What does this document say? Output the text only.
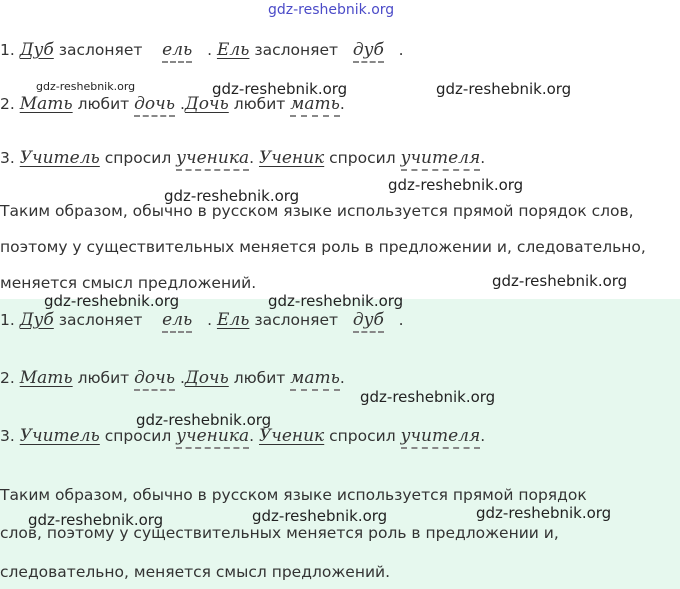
gdz-reshebnik.org
1. Дуб заслоняет ель . Ель заслоняет дуб .
2. Мать любит дочь .Дочь любит мать.
3. Учитель спросил ученика. Ученик спросил учителя.
Таким образом, обычно в русском языке используется прямой порядок слов,
поэтому у существительных меняется роль в предложении и, следовательно,
меняется смысл предложений.
1. Дуб заслоняет ель . Ель заслоняет дуб .
2. Мать любит дочь .Дочь любит мать.
3. Учитель спросил ученика. Ученик спросил учителя.
Таким образом, обычно в русском языке используется прямой порядок
слов, поэтому у существительных меняется роль в предложении и,
следовательно, меняется смысл предложений.
gdz-reshebnik.org	gdz-reshebnik.org	gdz-reshebnik.org
gdz-reshebnik.org
gdz-reshebnik.org
gdz-reshebnik.org
gdz-reshebnik.org	gdz-reshebnik.org
gdz-reshebnik.org
gdz-reshebnik.org
gdz-reshebnik.org
gdz-reshebnik.org	gdz-reshebnik.org
